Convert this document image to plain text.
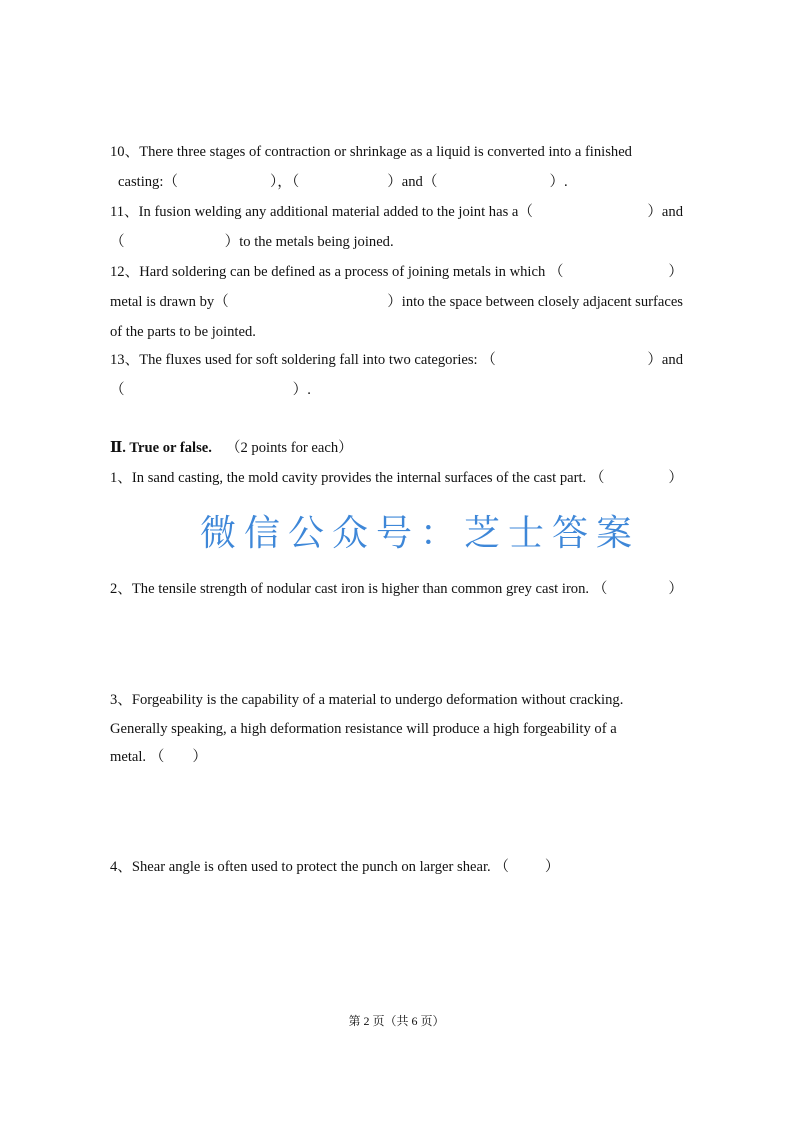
10、There three stages of contraction or shrinkage as a liquid is converted into a finished
casting:（	），（	）and（	）.
11、In fusion welding any additional material added to the joint has a（	）and
（	）to the metals being joined.
12、Hard soldering can be defined as a process of joining metals in which （	）
metal is drawn by（	）into the space between closely adjacent surfaces
of the parts to be jointed.
13、The fluxes used for soft soldering fall into two categories: （	）and
（	）.
Ⅱ. True or false. （2 points for each）
1、In sand casting, the mold cavity provides the internal surfaces of the cast part. （	）
微信公众号：芝士答案
2、The tensile strength of nodular cast iron is higher than common grey cast iron. （	）
3、Forgeability is the capability of a material to undergo deformation without cracking.
Generally speaking, a high deformation resistance will produce a high forgeability of a
metal. （ ）
4、Shear angle is often used to protect the punch on larger shear. （ ）
第 2 页（共 6 页）
